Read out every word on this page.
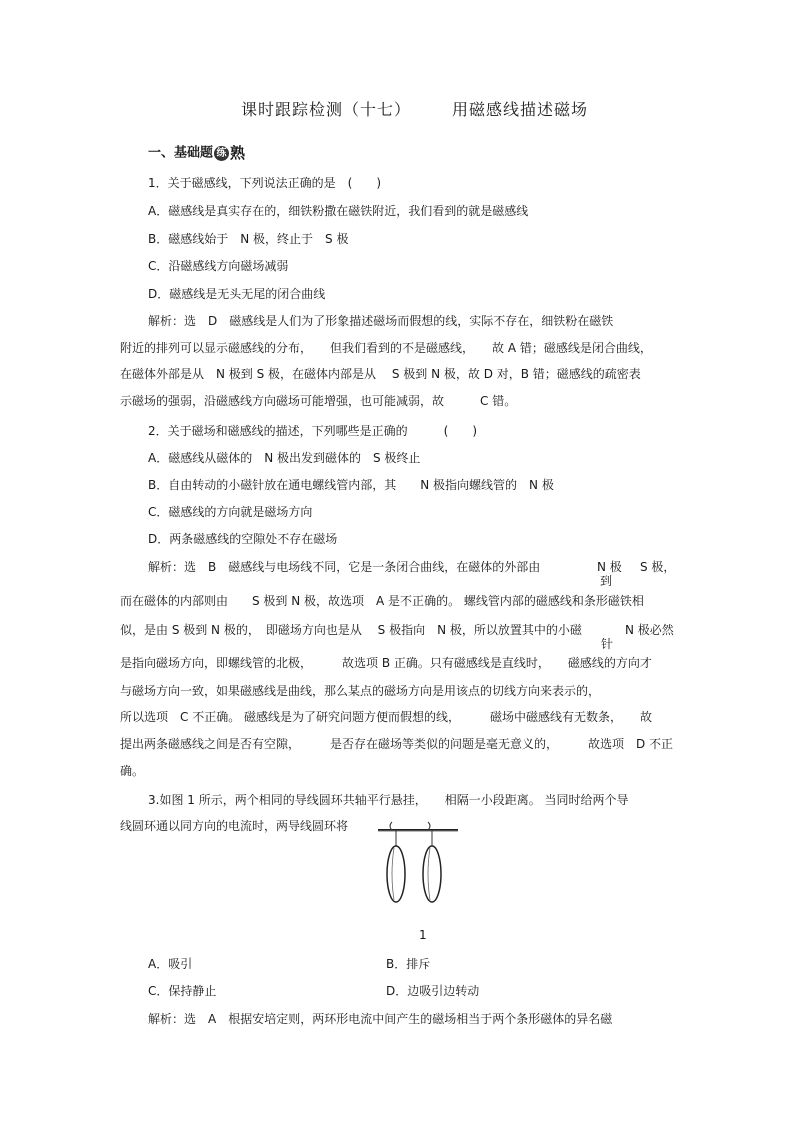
课时跟踪检测（十七）	用磁感线描述磁场
一、基础题 练 熟
1．关于磁感线，下列说法正确的是　(　　)
A．磁感线是真实存在的，细铁粉撒在磁铁附近，我们看到的就是磁感线
B．磁感线始于　N 极，终止于　S 极
C．沿磁感线方向磁场减弱
D．磁感线是无头无尾的闭合曲线
解析：选　D　磁感线是人们为了形象描述磁场而假想的线，实际不存在，细铁粉在磁铁
附近的排列可以显示磁感线的分布，　　但我们看到的不是磁感线，　　故 A 错；磁感线是闭合曲线，
在磁体外部是从　N 极到 S 极，在磁体内部是从　 S 极到 N 极，故 D 对，B 错；磁感线的疏密表
示磁场的强弱，沿磁感线方向磁场可能增强，也可能减弱，故　　　C 错。
2．关于磁场和磁感线的描述，下列哪些是正确的　　　(　　)
A．磁感线从磁体的　N 极出发到磁体的　S 极终止
B．自由转动的小磁针放在通电螺线管内部，其　　N 极指向螺线管的　N 极
C．磁感线的方向就是磁场方向
D．两条磁感线的空隙处不存在磁场
解析：选　B　磁感线与电场线不同，它是一条闭合曲线，在磁体的外部由	N 极
到
S 极，
而在磁体的内部则由　　S 极到 N 极，故选项　A 是不正确的。 螺线管内部的磁感线和条形磁铁相
似，是由 S 极到 N 极的，　即磁场方向也是从　 S 极指向　N 极，所以放置其中的小磁
针
N 极必然
是指向磁场方向，即螺线管的北极，　　　故选项 B 正确。只有磁感线是直线时，　　磁感线的方向才
与磁场方向一致，如果磁感线是曲线，那么某点的磁场方向是用该点的切线方向来表示的，
所以选项　C 不正确。 磁感线是为了研究问题方便而假想的线，　　　磁场中磁感线有无数条，　　故
提出两条磁感线之间是否有空隙，　　　是否存在磁场等类似的问题是毫无意义的，　　　故选项　D 不正
确。
3.如图 1 所示，两个相同的导线圆环共轴平行悬挂，　　相隔一小段距离。 当同时给两个导
线圆环通以同方向的电流时，两导线圆环将
1
A．吸引	B．排斥
C．保持静止	D．边吸引边转动
解析：选　A　根据安培定则，两环形电流中间产生的磁场相当于两个条形磁体的异名磁
